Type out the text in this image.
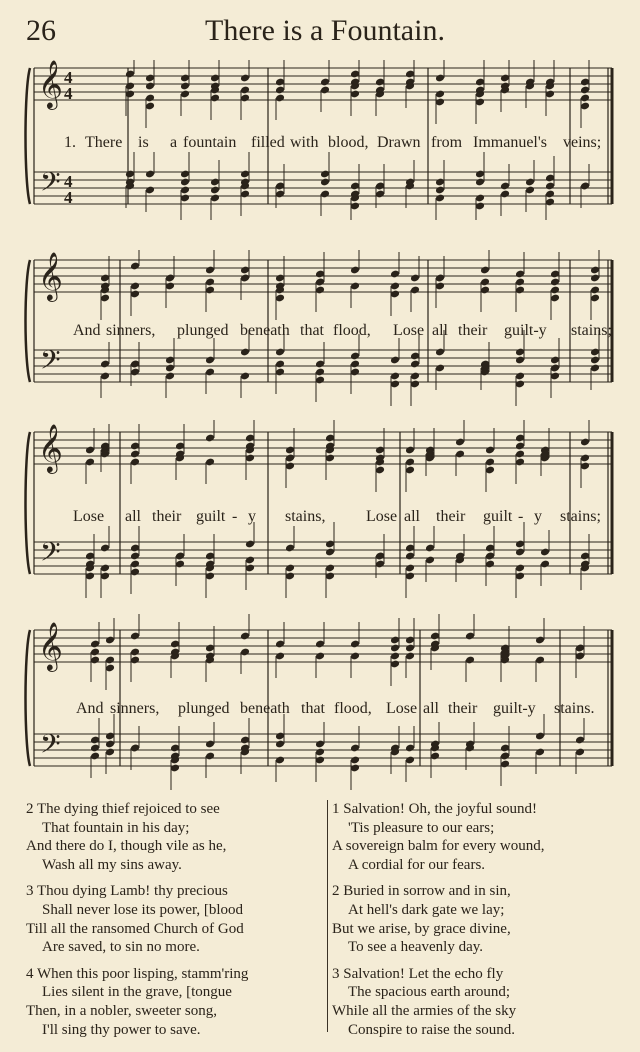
26	There is a Fountain.
𝄞
𝄢
4
4
4
4
1. There is a fountain filled with blood, Drawn from Immanuel's veins;
𝄞
𝄢
And sinners, plunged beneath that flood, Lose all their guilt-y stains;
𝄞
𝄢
Lose all their guilt - y stains,	Lose all their guilt - y stains;
𝄞
𝄢
And sinners, plunged beneath that flood, Lose all their guilt-y stains.
2 The dying thief rejoiced to see
That fountain in his day;
And there do I, though vile as he,
Wash all my sins away.
3 Thou dying Lamb! thy precious
Shall never lose its power, [blood
Till all the ransomed Church of God
Are saved, to sin no more.
4 When this poor lisping, stamm'ring
Lies silent in the grave, [tongue
Then, in a nobler, sweeter song,
I'll sing thy power to save.
1 Salvation! Oh, the joyful sound!
'Tis pleasure to our ears;
A sovereign balm for every wound,
A cordial for our fears.
2 Buried in sorrow and in sin,
At hell's dark gate we lay;
But we arise, by grace divine,
To see a heavenly day.
3 Salvation! Let the echo fly
The spacious earth around;
While all the armies of the sky
Conspire to raise the sound.
